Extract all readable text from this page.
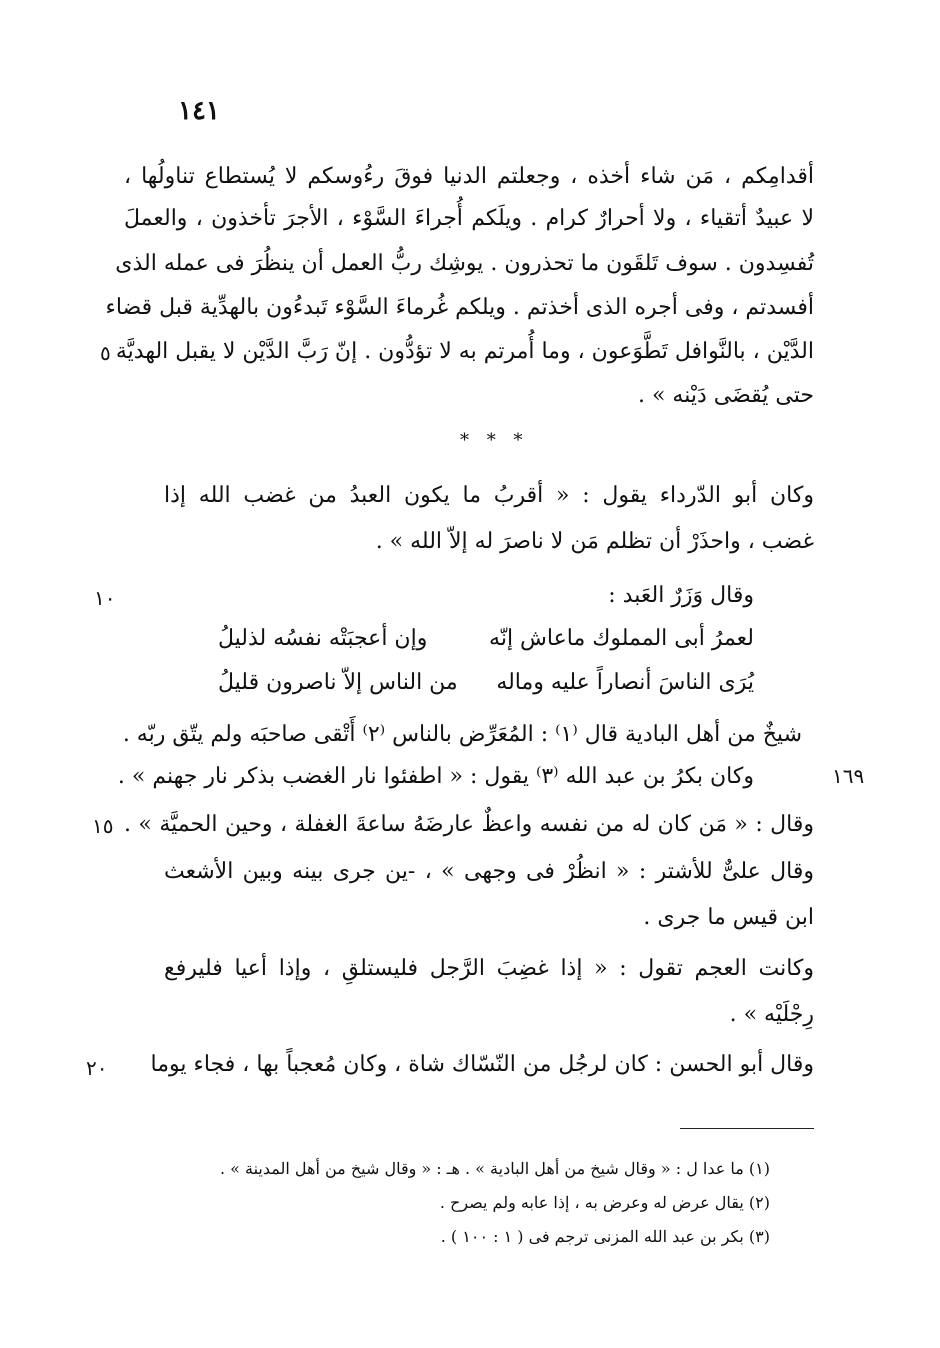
١٤١
أقدامِكم ، مَن شاء أخذه ، وجعلتم الدنيا فوقَ رءُوسكم لا يُستطاع تناولُها ،
لا عبيدٌ أتقياء ، ولا أحرارٌ كرام . ويلَكم أُجراءَ السَّوْء ، الأجرَ تأخذون ، والعملَ
تُفسِدون . سوف تَلقَون ما تحذرون . يوشِك ربُّ العمل أن ينظُرَ فى عمله الذى
أفسدتم ، وفى أجره الذى أخذتم . ويلكم غُرماءَ السَّوْء تَبدءُون بالهدِّية قبل قضاء
الدَّيْن ، بالنَّوافل تَطَّوَعون ، وما أُمرتم به لا تؤدُّون . إنّ رَبَّ الدَّيْن لا يقبل الهديَّة
حتى يُقضَى دَيْنه » .
٥
* * *
وكان أبو الدّرداء يقول : « أقربُ ما يكون العبدُ من غضب الله إذا
غضب ، واحذَرْ أن تظلم مَن لا ناصرَ له إلاّ الله » .
وقال وَزَرٌ العَبد :
١٠
لعمرُ أبى المملوك ماعاش إنّه
وإن أعجبَتْه نفسُه لذليلُ
يُرَى الناسَ أنصاراً عليه وماله
من الناس إلاّ ناصرون قليلُ
شيخٌ من أهل البادية قال ⁽١⁾ : المُعَرِّض بالناس ⁽٢⁾ أَتْقى صاحبَه ولم يتّق ربّه .
وكان بكرُ بن عبد الله ⁽٣⁾ يقول : « اطفئوا نار الغضب بذكر نار جهنم » .	١٦٩
وقال : « مَن كان له من نفسه واعظٌ عارضَهُ ساعةَ الغفلة ، وحين الحميَّة » .
١٥
وقال علىٌّ للأشتر : « انظُرْ فى وجهى » ، -ين جرى بينه وبين الأشعث
ابن قيس ما جرى .
وكانت العجم تقول : « إذا غضِبَ الرَّجل فليستلقِ ، وإذا أعيا فليرفع
رِجْلَيْه » .
وقال أبو الحسن : كان لرجُل من النّسّاك شاة ، وكان مُعجباً بها ، فجاء يوما
٢٠
(١) ما عدا ل : « وقال شيخ من أهل البادية » . هـ : « وقال شيخ من أهل المدينة » .
(٢) يقال عرض له وعرض به ، إذا عابه ولم يصرح .
(٣) بكر بن عبد الله المزنى ترجم فى ( ١ : ١٠٠ ) .
